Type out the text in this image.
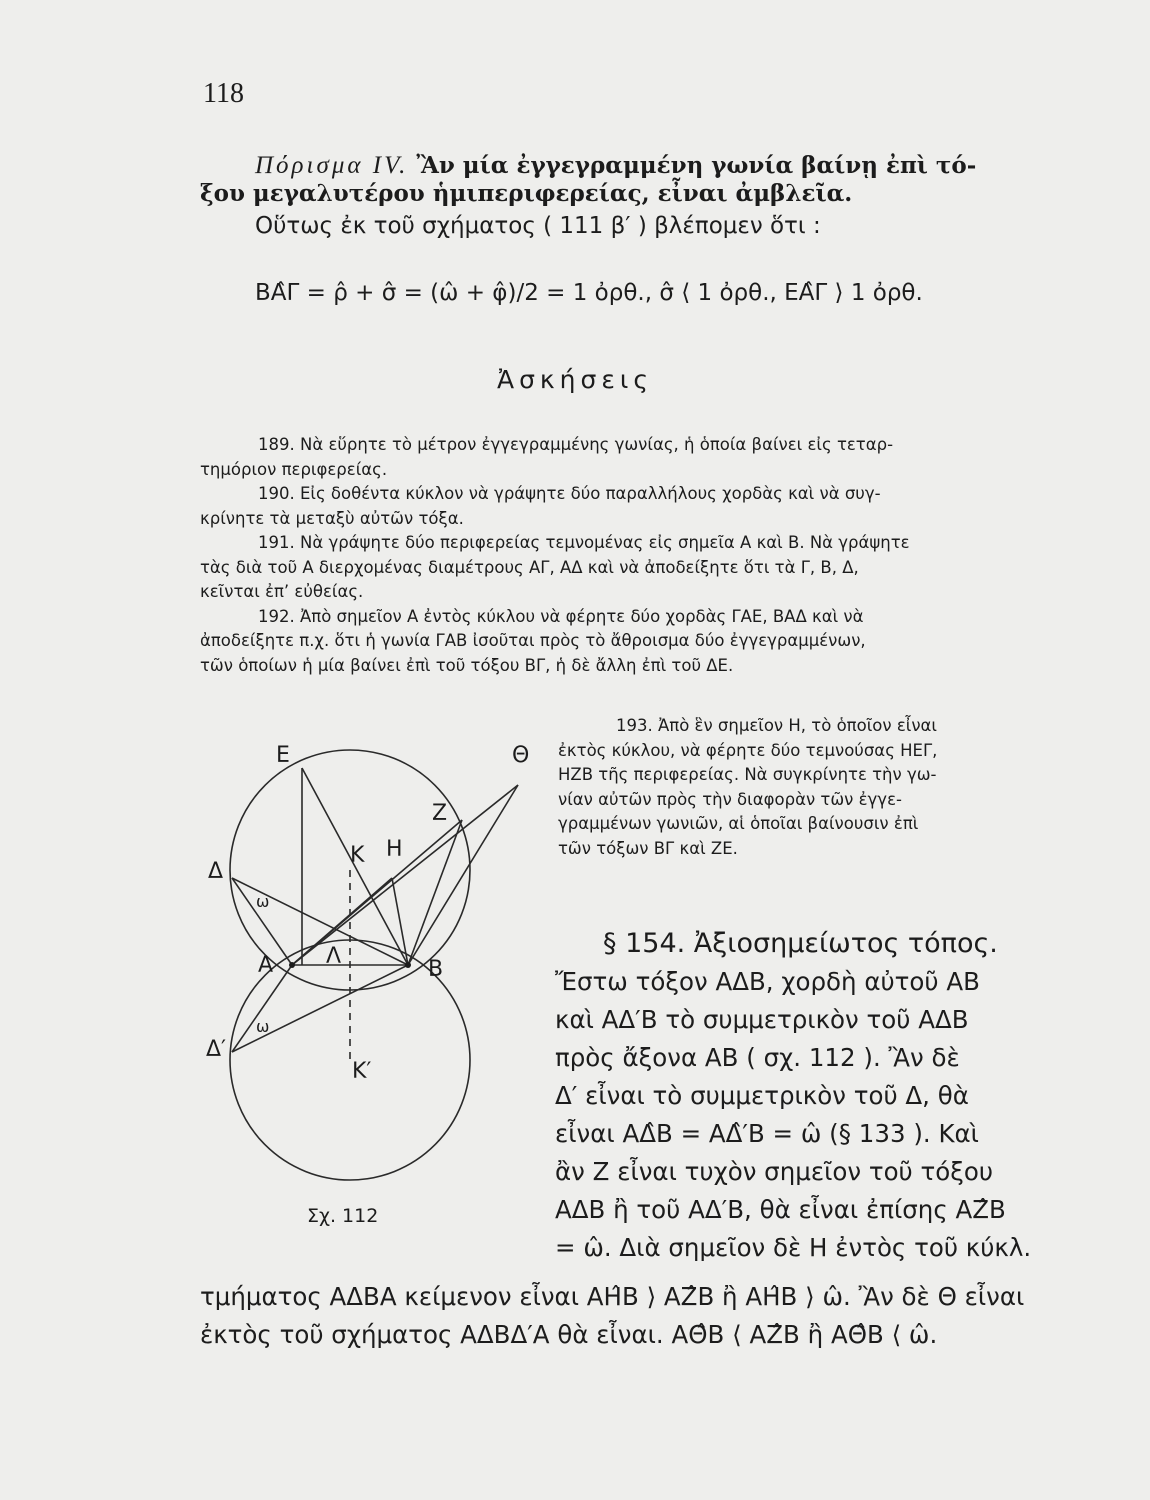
118
Πόρισμα IV. Ἂν μία ἐγγεγραμμένη γωνία βαίνῃ ἐπὶ τό-
ξου μεγαλυτέρου ἡμιπεριφερείας, εἶναι ἀμβλεῖα.
Οὕτως ἐκ τοῦ σχήματος ( 111 β′ ) βλέπομεν ὅτι :
ΒΑ̂Γ = ρ̂ + σ̂ = (ω̂ + φ̂)/2 = 1 ὀρθ., σ̂ ⟨ 1 ὀρθ., ΕΑ̂Γ ⟩ 1 ὀρθ.
Ἀσκήσεις

189. Νὰ εὕρητε τὸ μέτρον ἐγγεγραμμένης γωνίας, ἡ ὁποία βαίνει εἰς τεταρ-

τημόριον περιφερείας.

190. Εἰς δοθέντα κύκλον νὰ γράψητε δύο παραλλήλους χορδὰς καὶ νὰ συγ-

κρίνητε τὰ μεταξὺ αὐτῶν τόξα.

191. Νὰ γράψητε δύο περιφερείας τεμνομένας εἰς σημεῖα Α καὶ Β. Νὰ γράψητε

τὰς διὰ τοῦ Α διερχομένας διαμέτρους ΑΓ, ΑΔ καὶ νὰ ἀποδείξητε ὅτι τὰ Γ, Β, Δ,

κεῖνται ἐπ’ εὐθείας.

192. Ἀπὸ σημεῖον Α ἐντὸς κύκλου νὰ φέρητε δύο χορδὰς ΓΑΕ, ΒΑΔ καὶ νὰ

ἀποδείξητε π.χ. ὅτι ἡ γωνία ΓΑΒ ἰσοῦται πρὸς τὸ ἄθροισμα δύο ἐγγεγραμμένων,

τῶν ὁποίων ἡ μία βαίνει ἐπὶ τοῦ τόξου ΒΓ, ἡ δὲ ἄλλη ἐπὶ τοῦ ΔΕ.

193. Ἀπὸ ἓν σημεῖον Η, τὸ ὁποῖον εἶναι

ἐκτὸς κύκλου, νὰ φέρητε δύο τεμνούσας ΗΕΓ,

ΗΖΒ τῆς περιφερείας. Νὰ συγκρίνητε τὴν γω-

νίαν αὐτῶν πρὸς τὴν διαφορὰν τῶν ἐγγε-

γραμμένων γωνιῶν, αἱ ὁποῖαι βαίνουσιν ἐπὶ

τῶν τόξων ΒΓ καὶ ΖΕ.

§ 154. Ἀξιοσημείωτος τόπος.
Ἔστω τόξον ΑΔΒ, χορδὴ αὐτοῦ ΑΒ
καὶ ΑΔ′Β τὸ συμμετρικὸν τοῦ ΑΔΒ
πρὸς ἄξονα ΑΒ ( σχ. 112 ). Ἂν δὲ
Δ′ εἶναι τὸ συμμετρικὸν τοῦ Δ, θὰ
εἶναι ΑΔ̂Β = ΑΔ̂′Β = ω̂ (§ 133 ). Καὶ
ἂν Ζ εἶναι τυχὸν σημεῖον τοῦ τόξου
ΑΔΒ ἢ τοῦ ΑΔ′Β, θὰ εἶναι ἐπίσης ΑΖ̂Β
= ω̂. Διὰ σημεῖον δὲ Η ἐντὸς τοῦ κύκλ.
τμήματος ΑΔΒΑ κείμενον εἶναι ΑΗ̂Β ⟩ ΑΖ̂Β ἢ ΑΗ̂Β ⟩ ω̂. Ἂν δὲ Θ εἶναι
ἐκτὸς τοῦ σχήματος ΑΔΒΔ′Α θὰ εἶναι. ΑΘ̂Β ⟨ ΑΖ̂Β ἢ ΑΘ̂Β ⟨ ω̂.
Ε	Θ
Ζ
Κ Η
Δ
ω
Α Λ
Β
ω
Δ′
Κ′
Σχ. 112
